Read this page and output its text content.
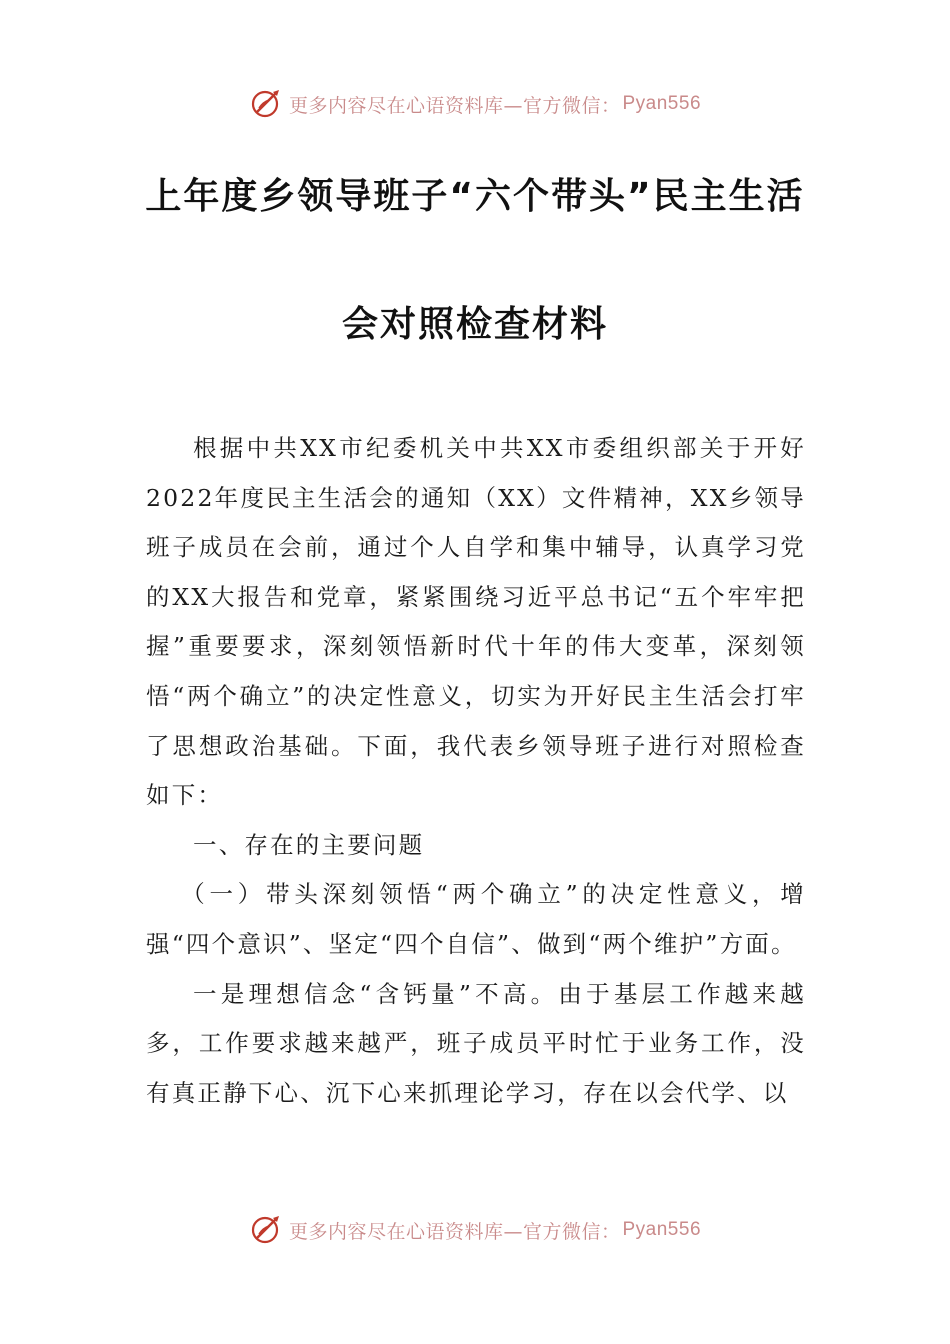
更多内容尽在心语资料库—官方微信： Pyan556
上年度乡领导班子“六个带头”民主生活
会对照检查材料

根据中共XX市纪委机关中共XX市委组织部关于开好2022年度民主生活会的通知（XX）文件精神，XX乡领导班子成员在会前，通过个人自学和集中辅导，认真学习党的XX大报告和党章，紧紧围绕习近平总书记“五个牢牢把握”重要要求，深刻领悟新时代十年的伟大变革，深刻领悟“两个确立”的决定性意义，切实为开好民主生活会打牢了思想政治基础。下面，我代表乡领导班子进行对照检查如下：

一、存在的主要问题

（一）带头深刻领悟“两个确立”的决定性意义，增强“四个意识”、坚定“四个自信”、做到“两个维护”方面。

一是理想信念“含钙量”不高。由于基层工作越来越多，工作要求越来越严，班子成员平时忙于业务工作，没有真正静下心、沉下心来抓理论学习，存在以会代学、以

更多内容尽在心语资料库—官方微信： Pyan556
